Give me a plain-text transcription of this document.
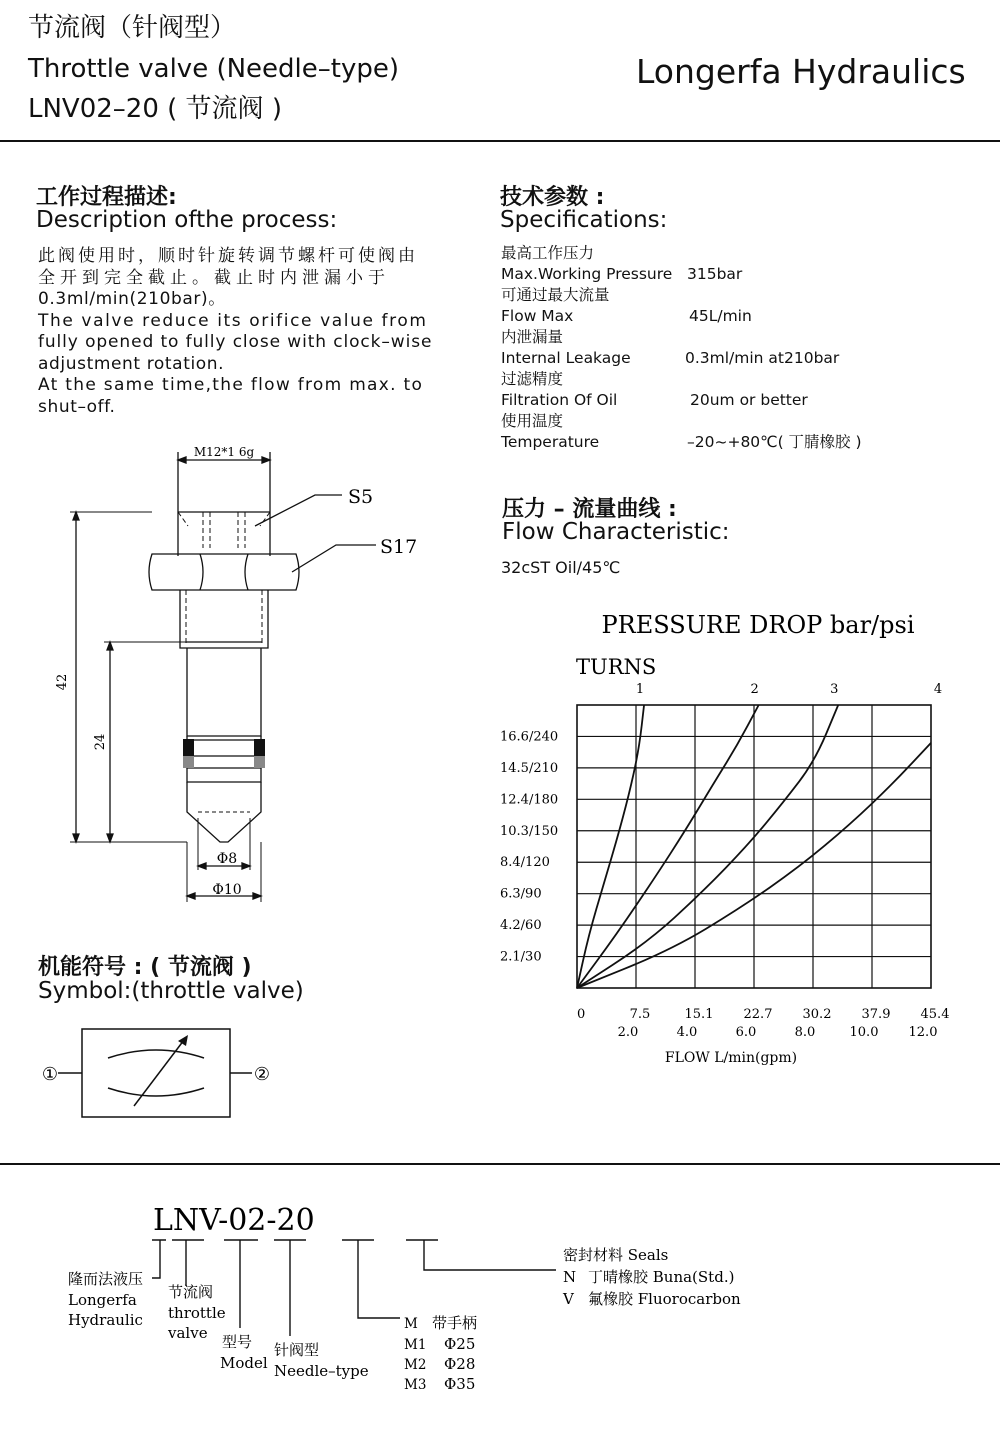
节流阀（针阀型）
Throttle valve (Needle–type)
LNV02–20 ( 节流阀 )
Longerfa Hydraulics
工作过程描述:
Description ofthe process:
此阀使用时，顺时针旋转调节螺杆可使阀由
全开到完全截止。截止时内泄漏小于
0.3ml/min(210bar)。
The valve reduce its orifice value from
fully opened to fully close with clock–wise
adjustment rotation.
At the same time,the flow from max. to
shut–off.
技术参数 :
Specifications:
最高工作压力
Max.Working Pressure 315bar
可通过最大流量
Flow Max	45L/min
内泄漏量
Internal Leakage	0.3ml/min at210bar
过滤精度
Filtration Of Oil	20um or better
使用温度
Temperature	–20~+80℃( 丁腈橡胶 )
压力 – 流量曲线 :
Flow Characteristic:
32cST Oil/45℃
M12*1 6g
S5
S17
42
24
Φ8
Φ10
机能符号 : ( 节流阀 )
Symbol:(throttle valve)
①	②
PRESSURE DROP bar/psi
TURNS
2.1/30
4.2/60
6.3/90
8.4/120
10.3/150
12.4/180
14.5/210
16.6/240
0	7.5	15.1 22.7 30.2 37.9 45.4
2.0	4.0	6.0	8.0	10.0 12.0
1	2	3	4
FLOW L/min(gpm)
LNV-02-20
隆而法液压
Longerfa
Hydraulic
节流阀
throttle
valve 型号
Model
针阀型
Needle–type
M 带手柄
M1 Φ25
M2 Φ28
M3 Φ35
密封材料 Seals
N 丁晴橡胶 Buna(Std.)
V 氟橡胶 Fluorocarbon
